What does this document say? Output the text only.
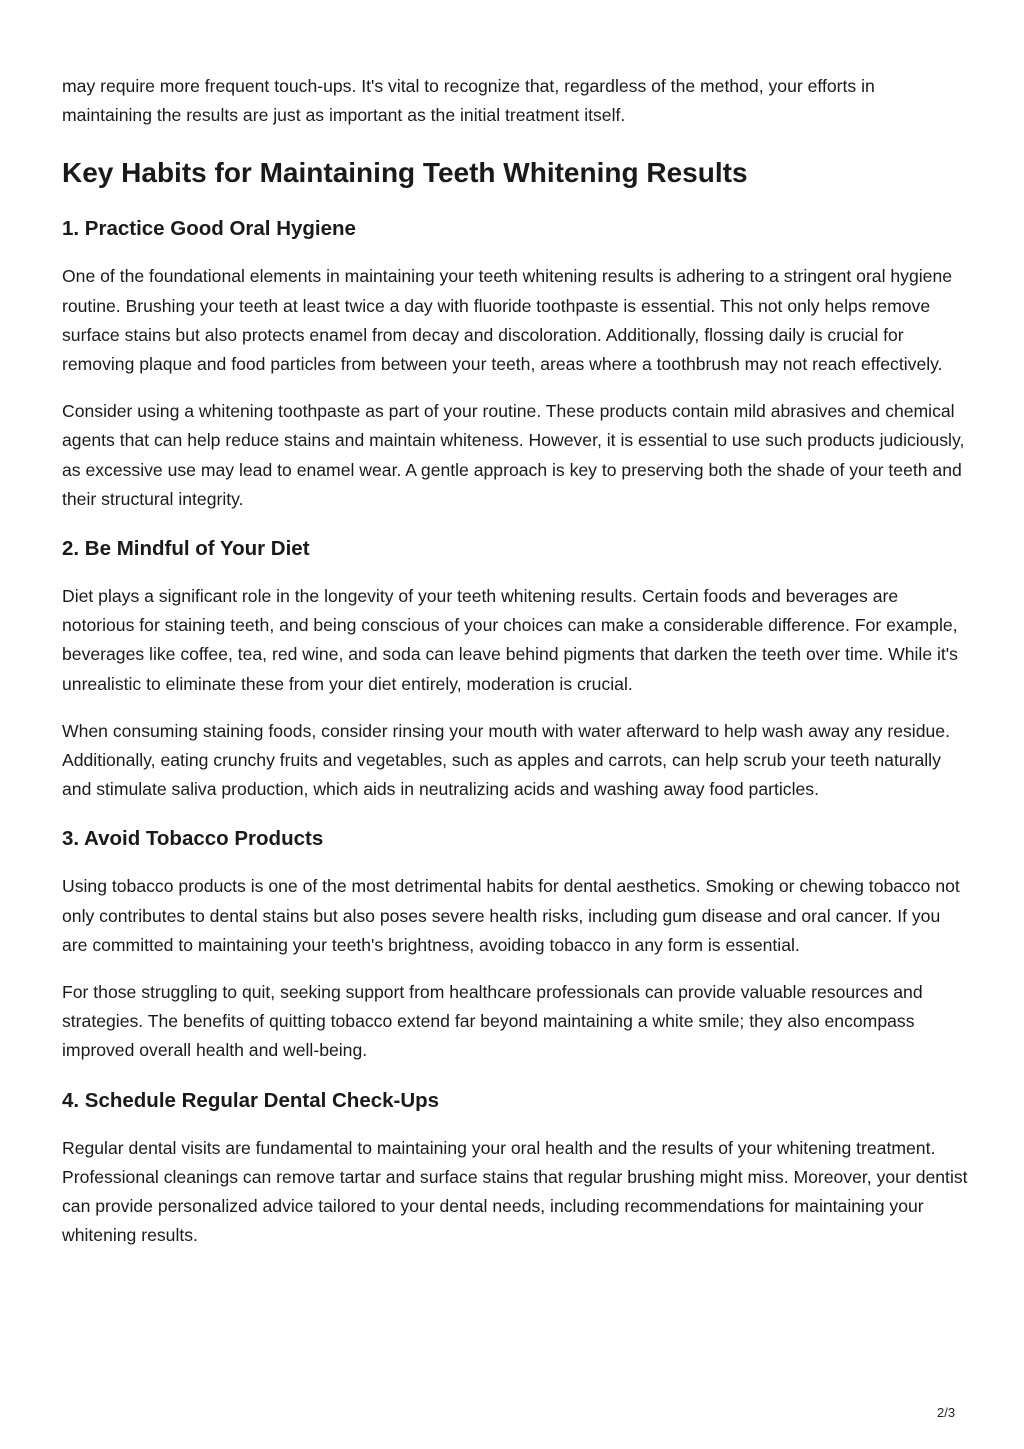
may require more frequent touch-ups. It's vital to recognize that, regardless of the method, your efforts in maintaining the results are just as important as the initial treatment itself.

Key Habits for Maintaining Teeth Whitening Results
1. Practice Good Oral Hygiene

One of the foundational elements in maintaining your teeth whitening results is adhering to a stringent oral hygiene routine. Brushing your teeth at least twice a day with fluoride toothpaste is essential. This not only helps remove surface stains but also protects enamel from decay and discoloration. Additionally, flossing daily is crucial for removing plaque and food particles from between your teeth, areas where a toothbrush may not reach effectively.

Consider using a whitening toothpaste as part of your routine. These products contain mild abrasives and chemical agents that can help reduce stains and maintain whiteness. However, it is essential to use such products judiciously, as excessive use may lead to enamel wear. A gentle approach is key to preserving both the shade of your teeth and their structural integrity.

2. Be Mindful of Your Diet

Diet plays a significant role in the longevity of your teeth whitening results. Certain foods and beverages are notorious for staining teeth, and being conscious of your choices can make a considerable difference. For example, beverages like coffee, tea, red wine, and soda can leave behind pigments that darken the teeth over time. While it's unrealistic to eliminate these from your diet entirely, moderation is crucial.

When consuming staining foods, consider rinsing your mouth with water afterward to help wash away any residue. Additionally, eating crunchy fruits and vegetables, such as apples and carrots, can help scrub your teeth naturally and stimulate saliva production, which aids in neutralizing acids and washing away food particles.

3. Avoid Tobacco Products

Using tobacco products is one of the most detrimental habits for dental aesthetics. Smoking or chewing tobacco not only contributes to dental stains but also poses severe health risks, including gum disease and oral cancer. If you are committed to maintaining your teeth's brightness, avoiding tobacco in any form is essential.

For those struggling to quit, seeking support from healthcare professionals can provide valuable resources and strategies. The benefits of quitting tobacco extend far beyond maintaining a white smile; they also encompass improved overall health and well-being.

4. Schedule Regular Dental Check-Ups

Regular dental visits are fundamental to maintaining your oral health and the results of your whitening treatment. Professional cleanings can remove tartar and surface stains that regular brushing might miss. Moreover, your dentist can provide personalized advice tailored to your dental needs, including recommendations for maintaining your whitening results.

2/3
